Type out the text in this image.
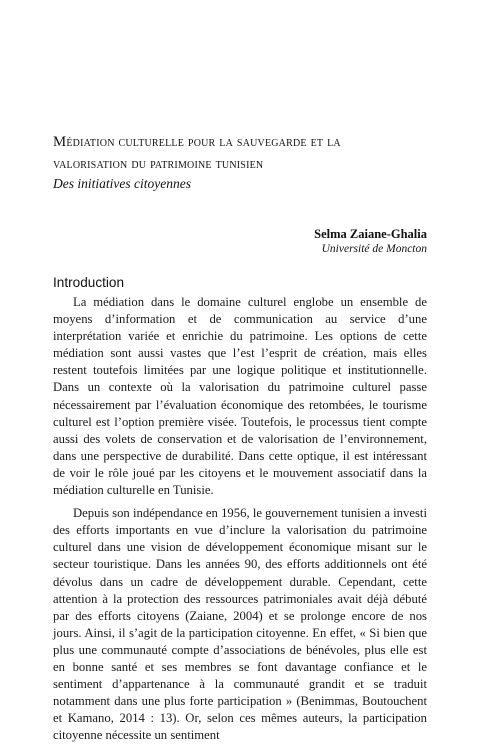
Médiation culturelle pour la sauvegarde et la
valorisation du patrimoine tunisien
Des initiatives citoyennes
Selma Zaiane-Ghalia
Université de Moncton
Introduction

La médiation dans le domaine culturel englobe un ensemble de moyens d’information et de communication au service d’une interprétation variée et enrichie du patrimoine. Les options de cette médiation sont aussi vastes que l’est l’esprit de création, mais elles restent toutefois limitées par une logique politique et institutionnelle. Dans un contexte où la valorisation du patrimoine culturel passe nécessairement par l’évaluation économique des retombées, le tourisme culturel est l’option première visée. Toutefois, le processus tient compte aussi des volets de conservation et de valorisation de l’environnement, dans une perspective de durabilité. Dans cette optique, il est intéressant de voir le rôle joué par les citoyens et le mouvement associatif dans la médiation culturelle en Tunisie.

Depuis son indépendance en 1956, le gouvernement tunisien a investi des efforts importants en vue d’inclure la valorisation du patrimoine culturel dans une vision de développement économique misant sur le secteur touristique. Dans les années 90, des efforts additionnels ont été dévolus dans un cadre de développement durable. Cependant, cette attention à la protection des ressources patrimoniales avait déjà débuté par des efforts citoyens (Zaiane, 2004) et se prolonge encore de nos jours. Ainsi, il s’agit de la participation citoyenne. En effet, « Si bien que plus une communauté compte d’associations de bénévoles, plus elle est en bonne santé et ses membres se font davantage confiance et le sentiment d’appartenance à la communauté grandit et se traduit notamment dans une plus forte participation » (Benimmas, Boutouchent et Kamano, 2014 : 13). Or, selon ces mêmes auteurs, la participation citoyenne nécessite un sentiment
